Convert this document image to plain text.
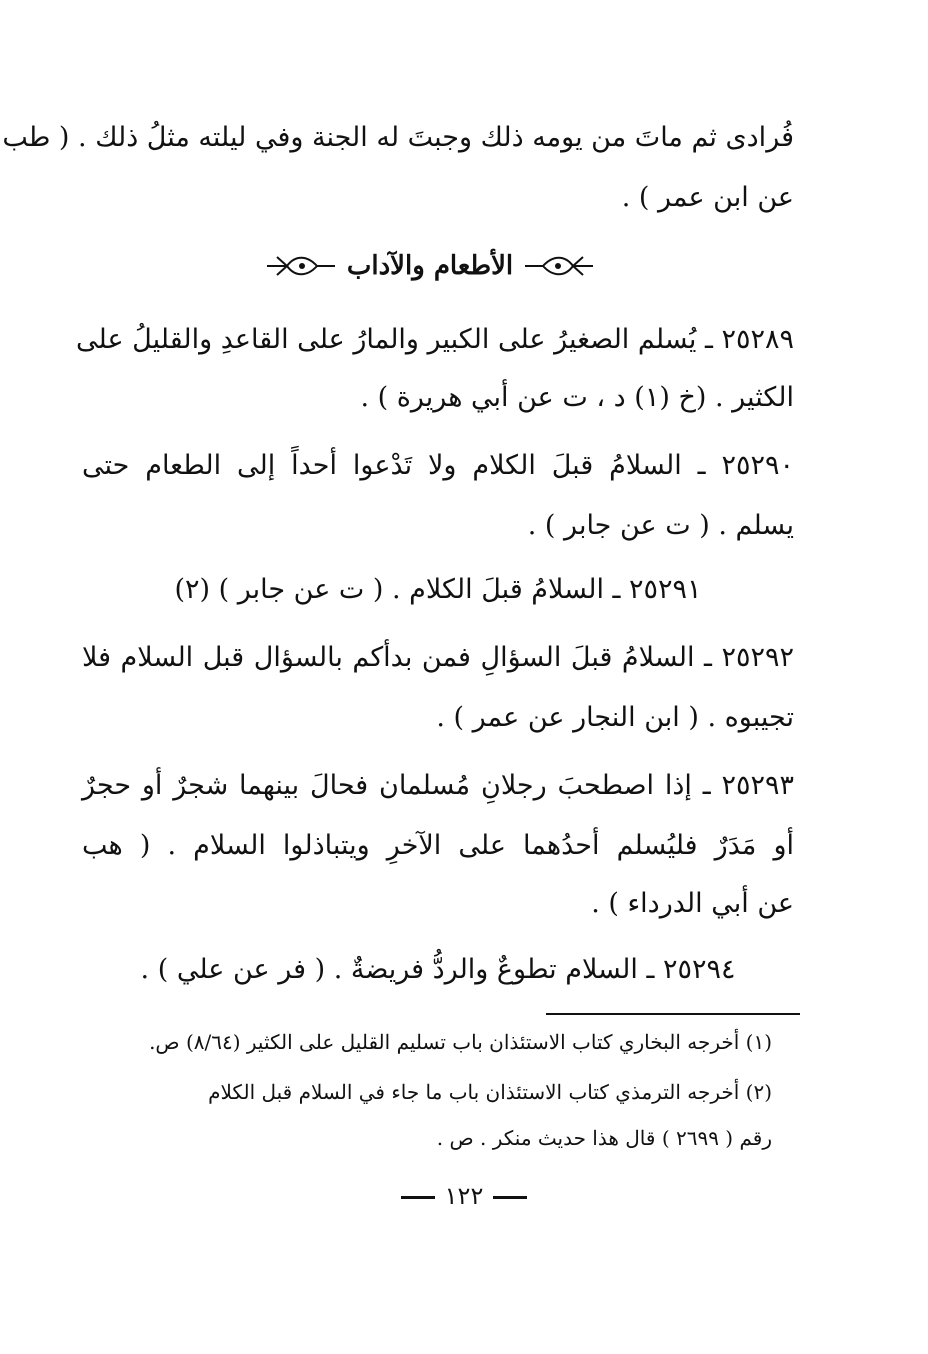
فُرادى ثم ماتَ من يومه ذلك وجبتَ له الجنة وفي ليلته مثلُ ذلك . ( طب
عن ابن عمر ) .
الأطعام والآداب
٢٥٢٨٩ ـ يُسلم الصغيرُ على الكبير والمارُ على القاعدِ والقليلُ على
الكثير . (خ (١) د ، ت عن أبي هريرة ) .
٢٥٢٩٠ ـ السلامُ قبلَ الكلام ولا تَدْعوا أحداً إلى الطعام حتى
يسلم . ( ت عن جابر ) .
٢٥٢٩١ ـ السلامُ قبلَ الكلام . ( ت عن جابر ) (٢)
٢٥٢٩٢ ـ السلامُ قبلَ السؤالِ فمن بدأكم بالسؤال قبل السلام فلا
تجيبوه . ( ابن النجار عن عمر ) .
٢٥٢٩٣ ـ إذا اصطحبَ رجلانِ مُسلمان فحالَ بينهما شجرٌ أو حجرٌ
أو مَدَرٌ فليُسلم أحدُهما على الآخرِ ويتباذلوا السلام . ( هب
عن أبي الدرداء ) .
٢٥٢٩٤ ـ السلام تطوعٌ والردُّ فريضةٌ . ( فر عن علي ) .
(١) أخرجه البخاري كتاب الاستئذان باب تسليم القليل على الكثير (٨/٦٤) ص.
(٢) أخرجه الترمذي كتاب الاستئذان باب ما جاء في السلام قبل الكلام
رقم ( ٢٦٩٩ ) قال هذا حديث منكر . ص .
١٢٢
